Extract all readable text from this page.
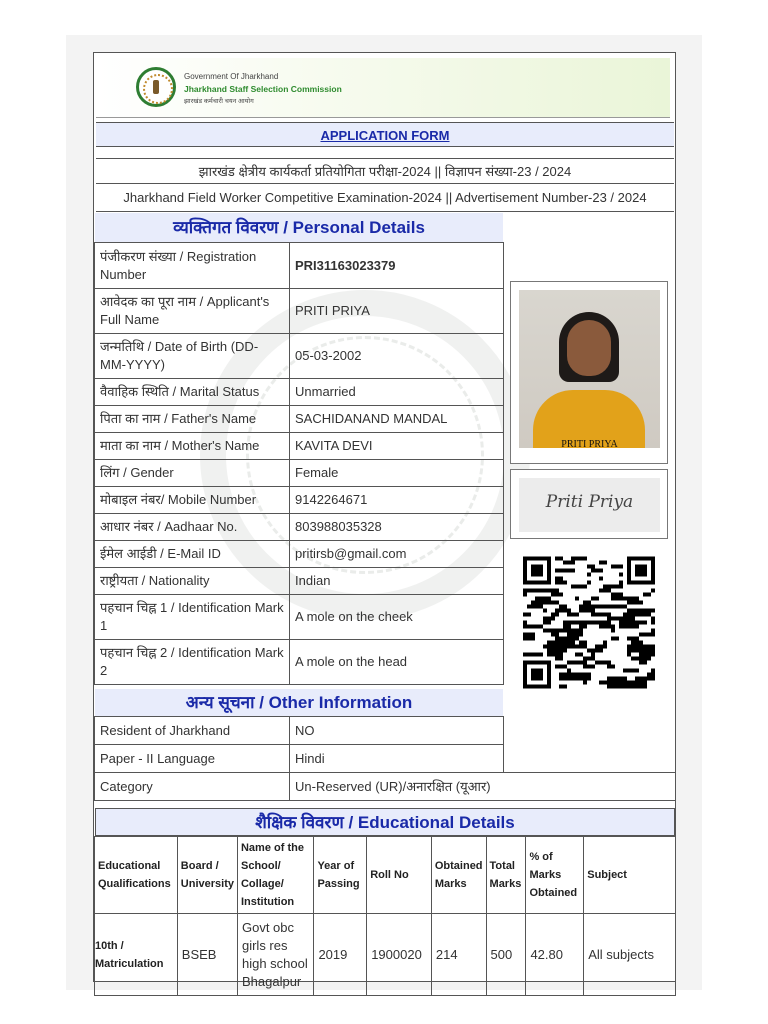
Government Of Jharkhand
Jharkhand Staff Selection Commission
झारखंड कर्मचारी चयन आयोग
APPLICATION FORM
झारखंड क्षेत्रीय कार्यकर्ता प्रतियोगिता परीक्षा-2024 || विज्ञापन संख्या-23 / 2024
Jharkhand Field Worker Competitive Examination-2024 || Advertisement Number-23 / 2024
व्यक्तिगत विवरण / Personal Details
पंजीकरण संख्या / Registration Number	PRI31163023379
आवेदक का पूरा नाम / Applicant's Full Name	PRITI PRIYA
जन्मतिथि / Date of Birth (DD-MM-YYYY)	05-03-2002
वैवाहिक स्थिति / Marital Status	Unmarried
पिता का नाम / Father's Name	SACHIDANAND MANDAL
माता का नाम / Mother's Name	KAVITA DEVI
लिंग / Gender	Female
मोबाइल नंबर/ Mobile Number	9142264671
आधार नंबर / Aadhaar No.	803988035328
ईमेल आईडी / E-Mail ID	pritirsb@gmail.com
राष्ट्रीयता / Nationality	Indian
पहचान चिह्न 1 / Identification Mark 1	A mole on the cheek
पहचान चिह्न 2 / Identification Mark 2	A mole on the head
PRITI PRIYA
Priti Priya
अन्य सूचना / Other Information
Resident of Jharkhand	NO	
Paper - II Language	Hindi	
Category	Un-Reserved (UR)/अनारक्षित (यूआर)	
शैक्षिक विवरण / Educational Details
Educational Qualifications	Board / University	Name of the School/ Collage/ Institution	Year of Passing	Roll No	Obtained Marks	Total Marks	% of Marks Obtained	Subject
10th / Matriculation	BSEB	Govt obc girls res high school Bhagalpur	2019	1900020	214	500	42.80	All subjects
